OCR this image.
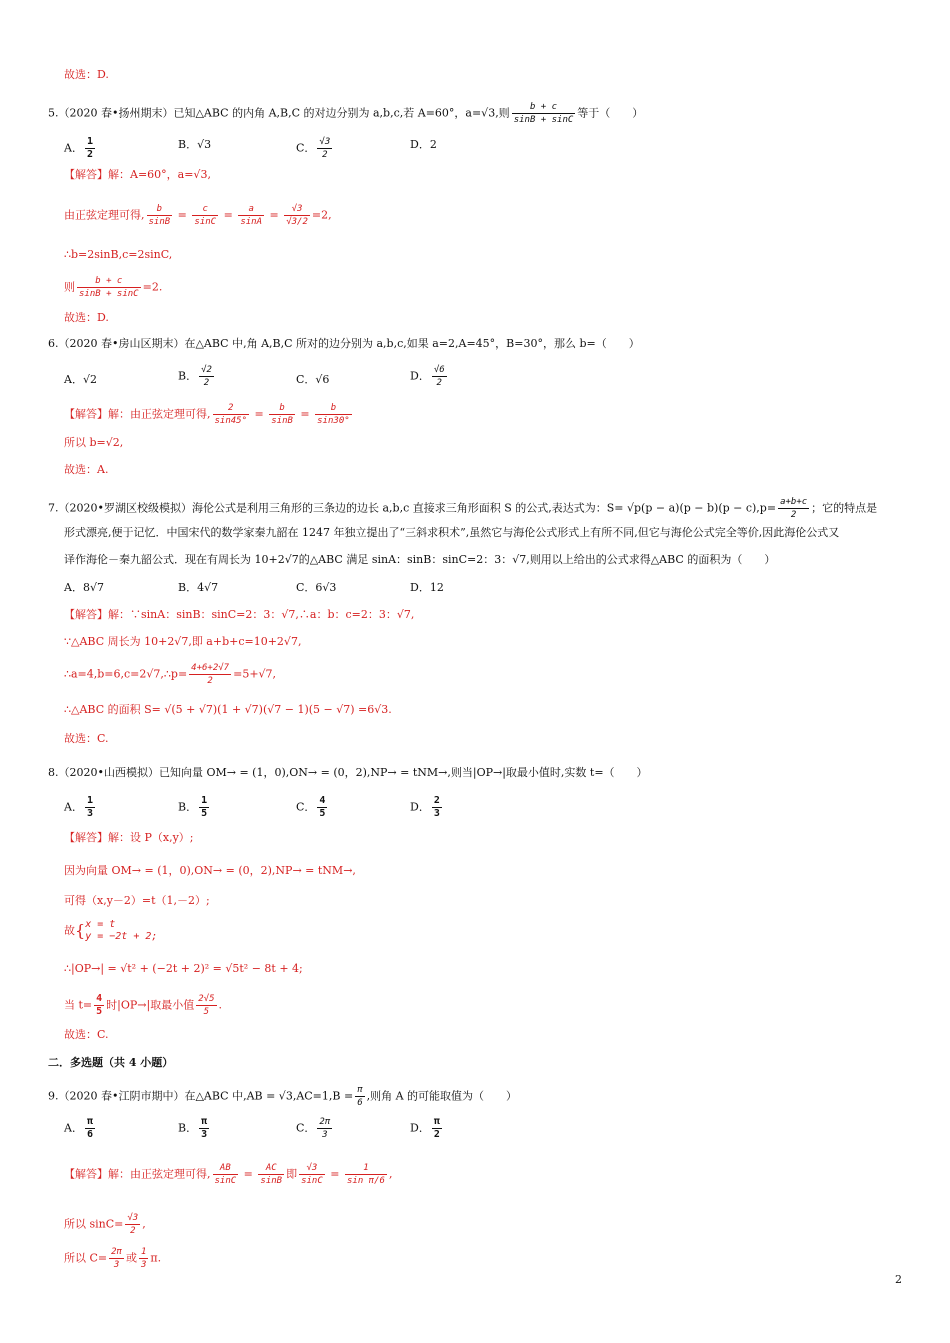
故选：D.
5.（2020 春•扬州期末）已知△ABC 的内角 A,B,C 的对边分别为 a,b,c,若 A=60°，a=√3,则 $\frac{b + c}{\sin B + \sin C}$ 等于（　　）
A． $\frac{1}{2}$	B．√3	C． $\frac{√3}{2}$	D．2
【解答】解：A=60°，a=√3,
由正弦定理可得, $\frac{b}{\sin B} = \frac{c}{\sin C} = \frac{a}{\sin A} = \frac{√3}{√3/2} =2$,
∴b=2sinB,c=2sinC,
则 $\frac{b + c}{\sin B + \sin C} =2$.
故选：D.
6.（2020 春•房山区期末）在△ABC 中,角 A,B,C 所对的边分别为 a,b,c,如果 a=2,A=45°，B=30°，那么 b=（　　）
A．√2	B． $\frac{√2}{2}$	C．√6	D． $\frac{√6}{2}$
【解答】解：由正弦定理可得, $\frac{2}{\sin 45^\circ} = \frac{b}{\sin B} = \frac{b}{\sin 30^\circ}$
所以 b=√2,
故选：A.
7.（2020•罗湖区校级模拟）海伦公式是利用三角形的三条边的边长 a,b,c 直接求三角形面积 S 的公式,表达式为：$S= √p(p - a)(p - b)(p - c),p= \frac{a+b+c}{2}$ ；它的特点是
形式漂亮,便于记忆．中国宋代的数学家秦九韶在 1247 年独立提出了“三斜求积术”,虽然它与海伦公式形式上有所不同,但它与海伦公式完全等价,因此海伦公式又
译作海伦－秦九韶公式．现在有周长为 10+2√7的△ABC 满足 sinA：sinB：sinC=2：3：√7,则用以上给出的公式求得△ABC 的面积为（　　）
A．8√7	B．4√7	C．6√3	D．12
【解答】解：∵sinA：sinB：sinC=2：3：√7,∴a：b：c=2：3：√7,
∵△ABC 周长为 10+2√7,即 a+b+c=10+2√7,
∴a=4,b=6,c=2√7,∴p= $\frac{4+6+2√7}{2} =5+√7$,
∴△ABC 的面积 S= √(5 + √7)(1 + √7)(√7 − 1)(5 − √7) =6√3.
故选：C.
8.（2020•山西模拟）已知向量 OM→ = (1，0),ON→ = (0，2),NP→ = tNM→,则当|OP→|取最小值时,实数 t=（　　）
A． $\frac{1}{3}$	B． $\frac{1}{5}$	C． $\frac{4}{5}$	D． $\frac{2}{3}$
【解答】解：设 P（x,y）;
因为向量 OM→ = (1，0),ON→ = (0，2),NP→ = tNM→,
可得（x,y－2）=t（1,－2）;
故{ x = t
y = −2t + 2;
∴|OP→| = √t² + (−2t + 2)² = √5t² − 8t + 4;
当 $t= \frac{4}{5}$ 时|OP→|取最小值 $\frac{2√5}{5}$ .
故选：C.
二．多选题（共 4 小题）
9.（2020 春•江阴市期中）在△ABC 中$,AB = √3,AC=1,B = \frac{\pi}{6}$ ,则角 A 的可能取值为（　　）
A． $\frac{\pi}{6}$	B． $\frac{\pi}{3}$	C． $\frac{2\pi}{3}$	D． $\frac{\pi}{2}$
【解答】解：由正弦定理可得, $\frac{AB}{\sin C} = \frac{AC}{\sin B}$ 即 $\frac{√3}{\sin C} = \frac{1}{\text{sin π/6}}$ ,
所以 $\sin C= \frac{√3}{2}$ ,
所以 $C= \frac{2\pi}{3}$ 或 $\frac{1}{3} \pi$.
2
